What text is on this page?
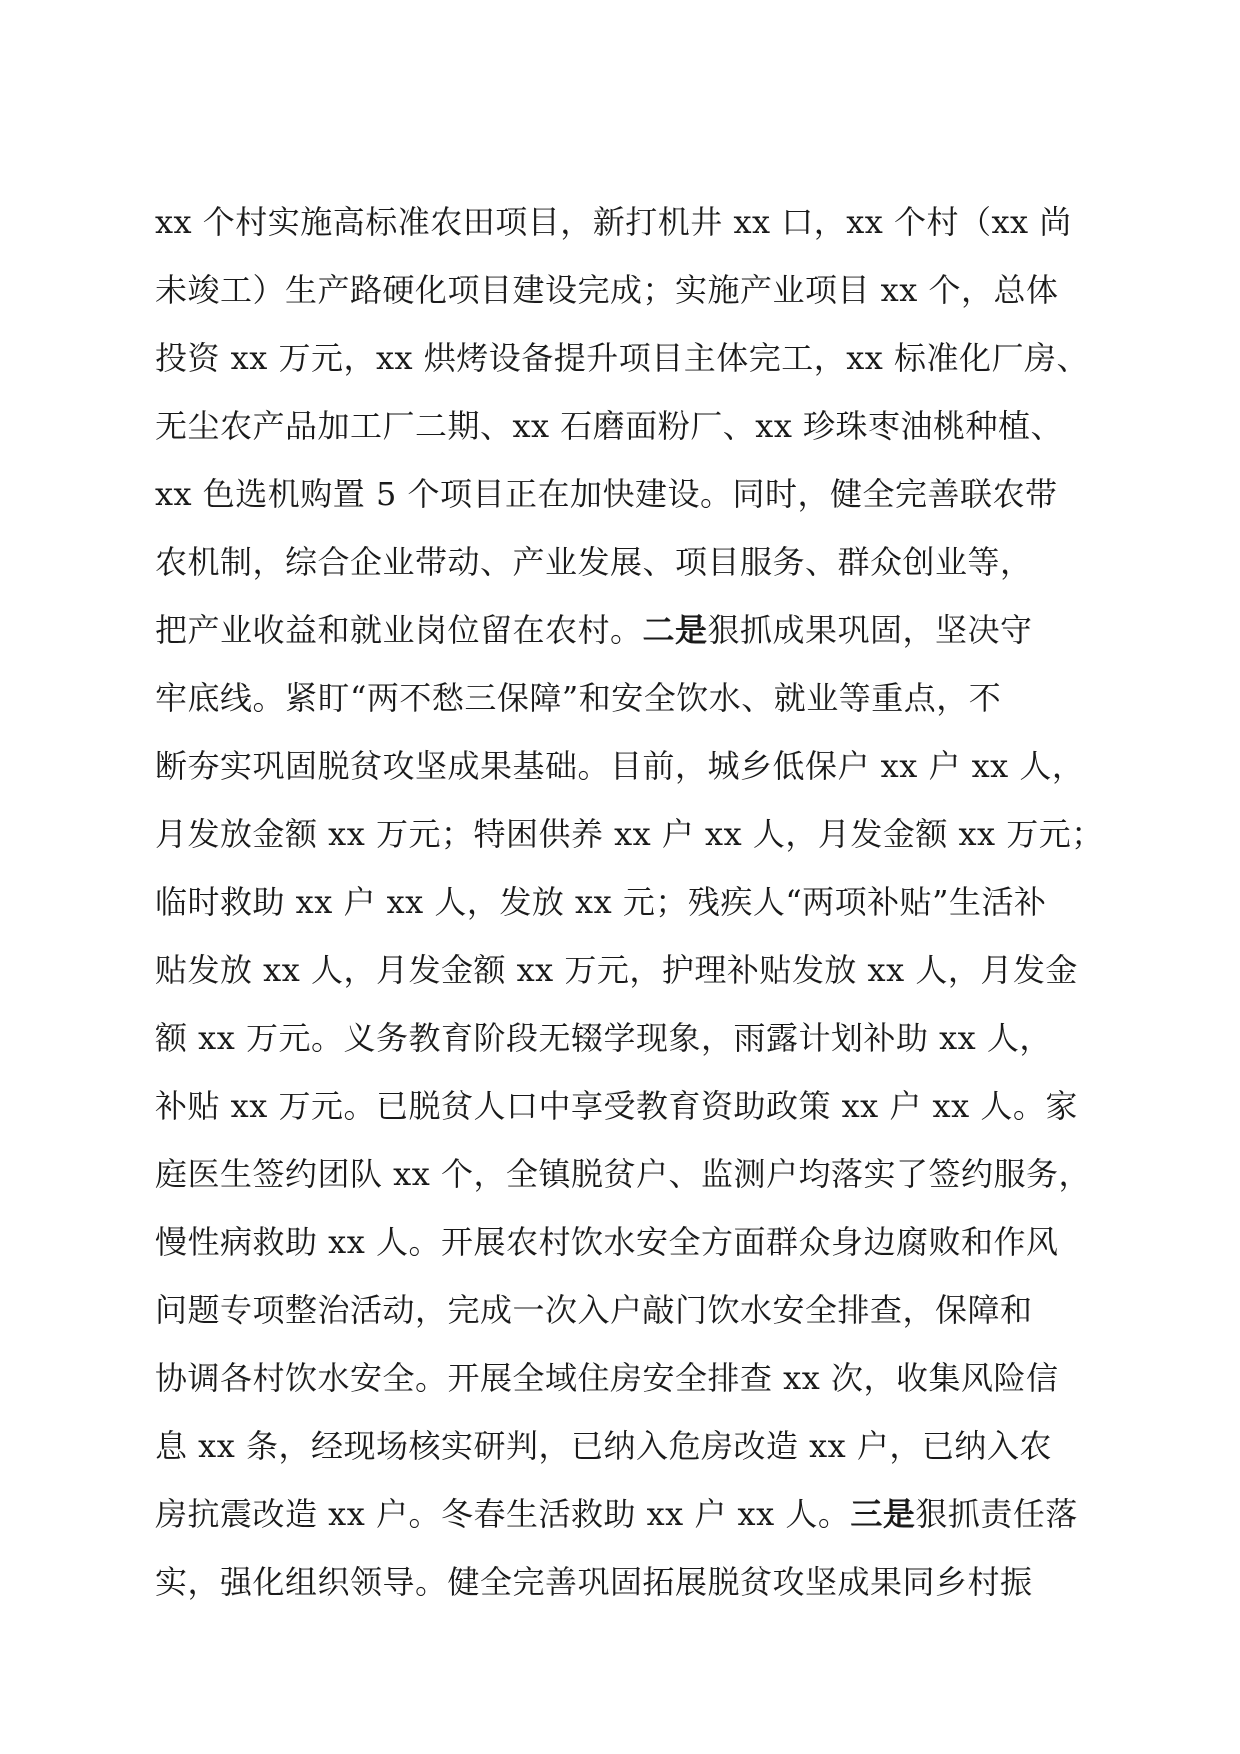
xx 个村实施高标准农田项目，新打机井 xx 口，xx 个村（xx 尚
未竣工）生产路硬化项目建设完成；实施产业项目 xx 个，总体
投资 xx 万元，xx 烘烤设备提升项目主体完工，xx 标准化厂房、
无尘农产品加工厂二期、xx 石磨面粉厂、xx 珍珠枣油桃种植、
xx 色选机购置 5 个项目正在加快建设。同时，健全完善联农带
农机制，综合企业带动、产业发展、项目服务、群众创业等，
把产业收益和就业岗位留在农村。二是狠抓成果巩固，坚决守
牢底线。紧盯“两不愁三保障”和安全饮水、就业等重点，不
断夯实巩固脱贫攻坚成果基础。目前，城乡低保户 xx 户 xx 人，
月发放金额 xx 万元；特困供养 xx 户 xx 人，月发金额 xx 万元；
临时救助 xx 户 xx 人，发放 xx 元；残疾人“两项补贴”生活补
贴发放 xx 人，月发金额 xx 万元，护理补贴发放 xx 人，月发金
额 xx 万元。义务教育阶段无辍学现象，雨露计划补助 xx 人，
补贴 xx 万元。已脱贫人口中享受教育资助政策 xx 户 xx 人。家
庭医生签约团队 xx 个，全镇脱贫户、监测户均落实了签约服务，
慢性病救助 xx 人。开展农村饮水安全方面群众身边腐败和作风
问题专项整治活动，完成一次入户敲门饮水安全排查，保障和
协调各村饮水安全。开展全域住房安全排查 xx 次，收集风险信
息 xx 条，经现场核实研判，已纳入危房改造 xx 户，已纳入农
房抗震改造 xx 户。冬春生活救助 xx 户 xx 人。三是狠抓责任落
实，强化组织领导。健全完善巩固拓展脱贫攻坚成果同乡村振
